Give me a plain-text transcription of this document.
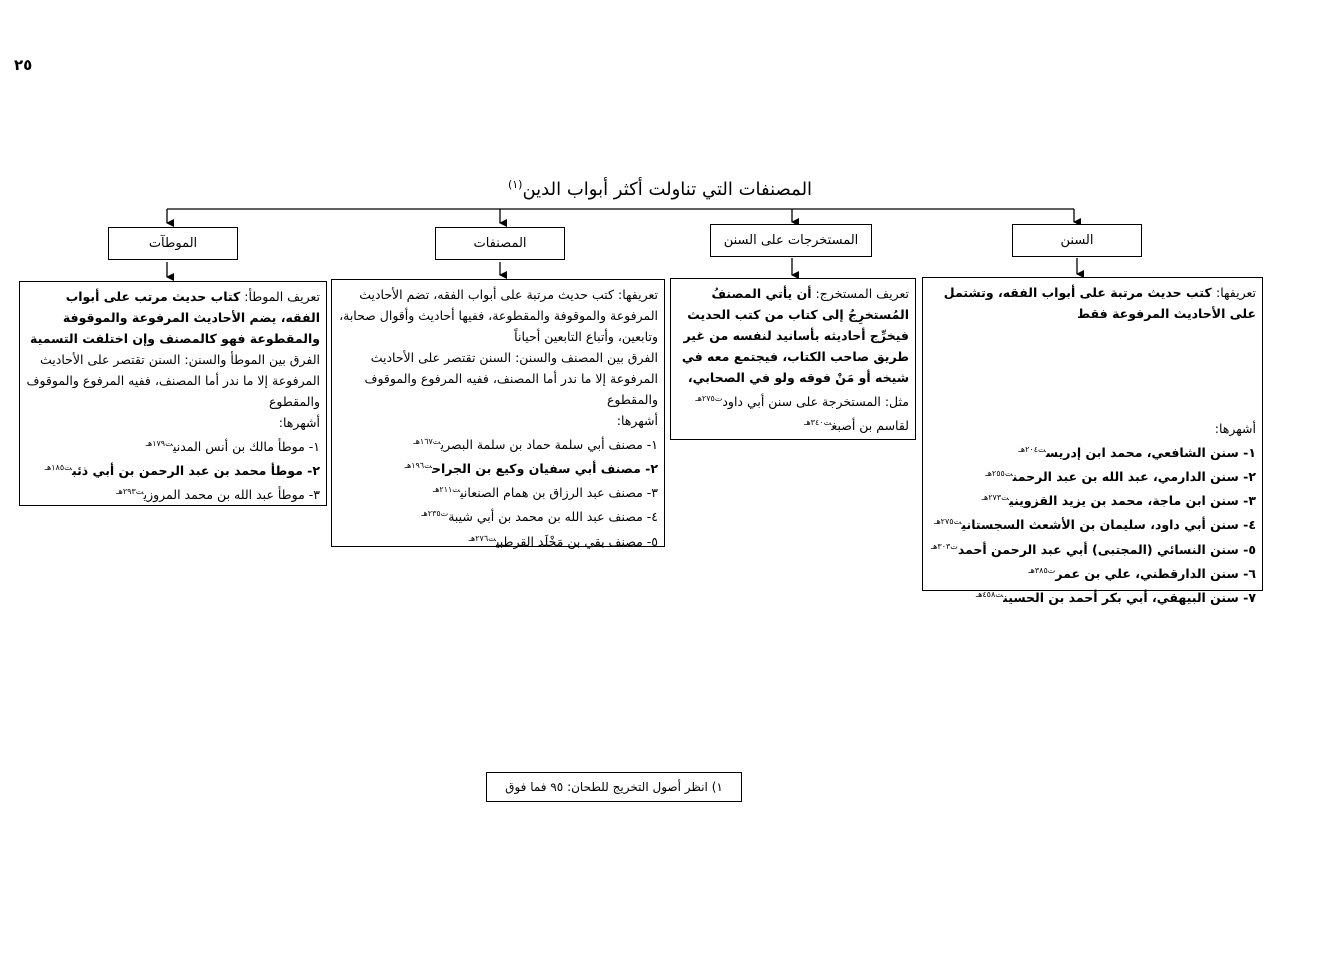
٢٥
المصنفات التي تناولت أكثر أبواب الدين$^{(١)}$
السنن
المستخرجات على السنن
المصنفات
الموطآت

تعريفها: كتب حديث مرتبة على أبواب الفقه، وتشتمل على الأحاديث المرفوعة فقط

أشهرها:

١- سنن الشافعي، محمد ابن إدريس$^{ت٢٠٤هـ}$
٢- سنن الدارمي، عبد الله بن عبد الرحمن$^{ت٢٥٥هـ}$
٣- سنن ابن ماجة، محمد بن يزيد القزويني$^{ت٢٧٣هـ}$
٤- سنن أبي داود، سليمان بن الأشعث السجستاني$^{ت٢٧٥هـ}$
٥- سنن النسائي (المجتبى) أبي عبد الرحمن أحمد$^{ت٣٠٣هـ}$
٦- سنن الدارقطني، علي بن عمر$^{ت٣٨٥هـ}$
٧- سنن البيهقي، أبي بكر أحمد بن الحسين$^{ت٤٥٨هـ}$

تعريف المستخرج: أن يأتي المصنفُ المُستخرِجُ إلى كتاب من كتب الحديث فيخرِّج أحاديثه بأسانيد لنفسه من غير طريق صاحب الكتاب، فيجتمع معه في شيخه أو مَنْ فوقه ولو في الصحابي،

مثل: المستخرجة على سنن أبي داود$^{ت٢٧٥هـ}$ لقاسم بن أصبغ$^{ت٣٤٠هـ}$

تعريفها: كتب حديث مرتبة على أبواب الفقه، تضم الأحاديث المرفوعة والموقوفة والمقطوعة، ففيها أحاديث وأقوال صحابة، وتابعين، وأتباع التابعين أحياناً

الفرق بين المصنف والسنن: السنن تقتصر على الأحاديث المرفوعة إلا ما ندر أما المصنف، ففيه المرفوع والموقوف والمقطوع

أشهرها:

١- مصنف أبي سلمة حماد بن سلمة البصري$^{ت١٦٧هـ}$
٢- مصنف أبي سفيان وكيع بن الجراح$^{ت١٩٦هـ}$
٣- مصنف عبد الرزاق بن همام الصنعاني$^{ت٢١١هـ}$
٤- مصنف عبد الله بن محمد بن أبي شيبة$^{ت٢٣٥هـ}$
٥- مصنف بقي بن مَخْلَد القرطبي$^{ت٢٧٦هـ}$

تعريف الموطأ: كتاب حديث مرتب على أبواب الفقه، يضم الأحاديث المرفوعة والموقوفة والمقطوعة فهو كالمصنف وإن اختلفت التسمية

الفرق بين الموطأ والسنن: السنن تقتصر على الأحاديث المرفوعة إلا ما ندر أما المصنف، ففيه المرفوع والموقوف والمقطوع

أشهرها:

١- موطأ مالك بن أنس المدني$^{ت١٧٩هـ}$
٢- موطأ محمد بن عبد الرحمن بن أبي ذئب$^{ت١٨٥هـ}$
٣- موطأ عبد الله بن محمد المروزي$^{ت٢٩٣هـ}$
١) انظر أصول التخريج للطحان: ٩٥ فما فوق
